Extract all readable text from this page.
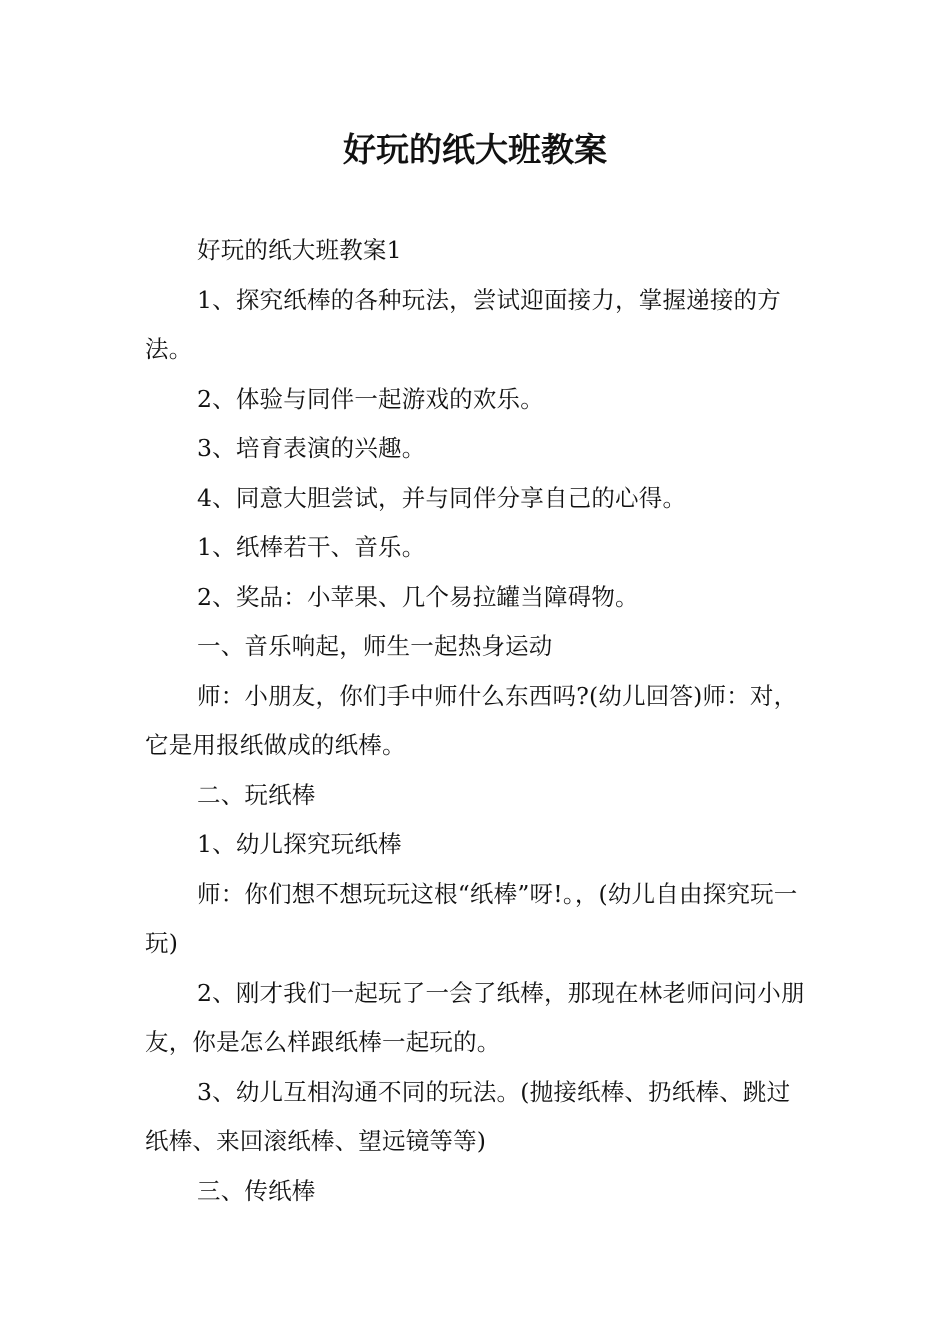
好玩的纸大班教案

好玩的纸大班教案1

1、探究纸棒的各种玩法，尝试迎面接力，掌握递接的方法。

2、体验与同伴一起游戏的欢乐。

3、培育表演的兴趣。

4、同意大胆尝试，并与同伴分享自己的心得。

1、纸棒若干、音乐。

2、奖品：小苹果、几个易拉罐当障碍物。

一、音乐响起，师生一起热身运动

师：小朋友，你们手中师什么东西吗?(幼儿回答)师：对，它是用报纸做成的纸棒。

二、玩纸棒

1、幼儿探究玩纸棒

师：你们想不想玩玩这根“纸棒”呀!。，(幼儿自由探究玩一玩)

2、刚才我们一起玩了一会了纸棒，那现在林老师问问小朋友，你是怎么样跟纸棒一起玩的。

3、幼儿互相沟通不同的玩法。(抛接纸棒、扔纸棒、跳过纸棒、来回滚纸棒、望远镜等等)

三、传纸棒
